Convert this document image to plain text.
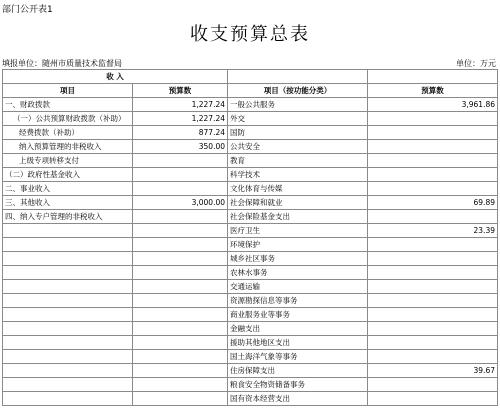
部门公开表1
收支预算总表
填报单位：随州市质量技术监督局	单位：万元
收 入			
项目	预算数	项目（按功能分类）	预算数
一、财政拨款	1,227.24	一般公共服务	3,961.86
（一）公共预算财政拨款（补助）	1,227.24	外交	
经费拨款（补助）	877.24	国防	
纳入预算管理的非税收入	350.00	公共安全	
上级专项转移支付		教育	
（二）政府性基金收入		科学技术	
二、事业收入		文化体育与传媒	
三、其他收入	3,000.00	社会保障和就业	69.89
四、纳入专户管理的非税收入		社会保险基金支出	
		医疗卫生	23.39
		环境保护	
		城乡社区事务	
		农林水事务	
		交通运输	
		资源勘探信息等事务	
		商业服务业等事务	
		金融支出	
		援助其他地区支出	
		国土海洋气象等事务	
		住房保障支出	39.67
		粮食安全物资储备事务	
		国有资本经营支出	
